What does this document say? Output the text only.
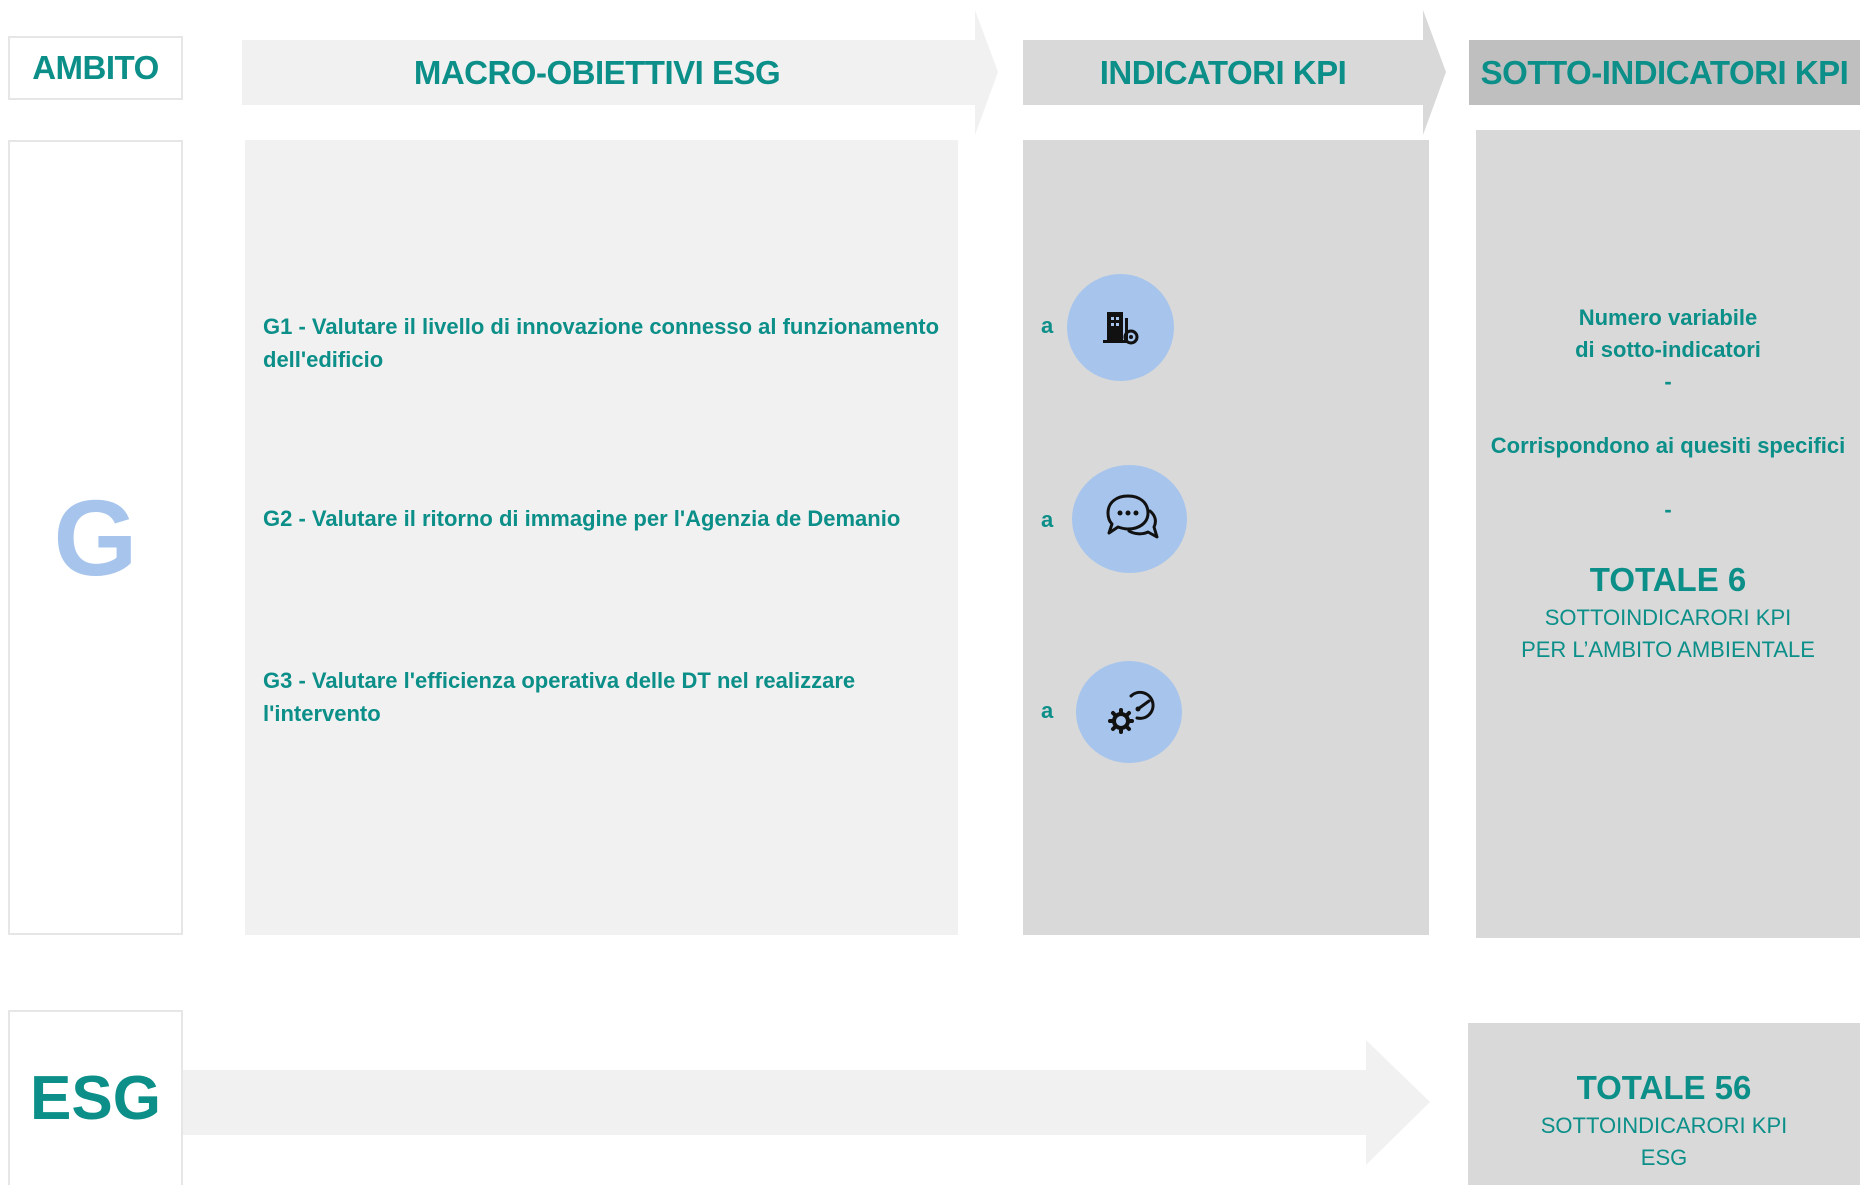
AMBITO	MACRO-OBIETTIVI ESG	INDICATORI KPI	SOTTO-INDICATORI KPI
G
G1 - Valutare il livello di innovazione connesso al funzionamento dell'edificio
G2 - Valutare il ritorno di immagine per l'Agenzia de Demanio
G3 - Valutare l'efficienza operativa delle DT nel realizzare l'intervento
a
a
a
Numero variabile
di sotto-indicatori
-
Corrispondono ai quesiti specifici
-
TOTALE 6
SOTTOINDICARORI KPI
PER L’AMBITO AMBIENTALE
ESG	TOTALE 56
SOTTOINDICARORI KPI
ESG
